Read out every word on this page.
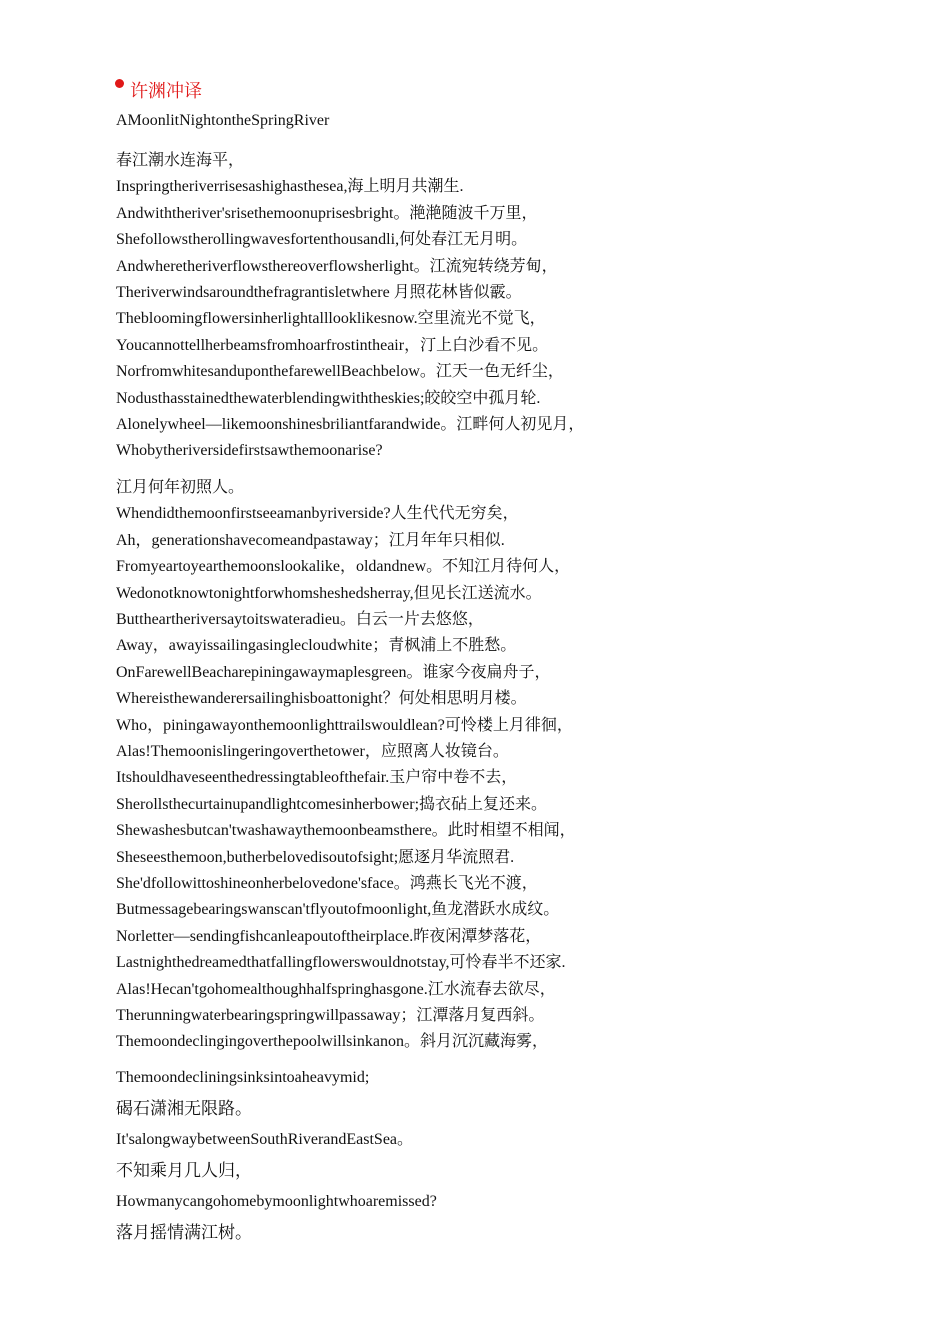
许渊冲译
AMoonlitNightontheSpringRiver
春江潮水连海平，
Inspringtheriverrisesashighasthesea,海上明月共潮生.
Andwiththeriver'srisethemoonuprisesbright。滟滟随波千万里，
Shefollowstherollingwavesfortenthousandli,何处春江无月明。
Andwheretheriverflowsthereoverflowsherlight。江流宛转绕芳甸，
Theriverwindsaroundthefragrantisletwhere 月照花林皆似霰。
Thebloomingflowersinherlightalllooklikesnow.空里流光不觉飞，
Youcannottellherbeamsfromhoarfrostintheair，汀上白沙看不见。
NorfromwhitesanduponthefarewellBeachbelow。江天一色无纤尘，
Nodusthasstainedthewaterblendingwiththeskies;皎皎空中孤月轮.
Alonelywheel—likemoonshinesbriliantfarandwide。江畔何人初见月，
Whobytheriversidefirstsawthemoonarise?
江月何年初照人。
Whendidthemoonfirstseeamanbyriverside?人生代代无穷矣，
Ah，generationshavecomeandpastaway；江月年年只相似.
Fromyeartoyearthemoonslookalike，oldandnew。不知江月待何人，
Wedonotknowtonightforwhomsheshedsherray,但见长江送流水。
Buttheartheriversaytoitswateradieu。白云一片去悠悠，
Away，awayissailingasinglecloudwhite；青枫浦上不胜愁。
OnFarewellBeacharepiningawaymaplesgreen。谁家今夜扁舟子，
Whereisthewanderersailinghisboattonight？何处相思明月楼。
Who，piningawayonthemoonlighttrailswouldlean?可怜楼上月徘徊，
Alas!Themoonislingeringoverthetower，应照离人妆镜台。
Itshouldhaveseenthedressingtableofthefair.玉户帘中卷不去，
Sherollsthecurtainupandlightcomesinherbower;捣衣砧上复还来。
Shewashesbutcan'twashawaythemoonbeamsthere。此时相望不相闻，
Sheseesthemoon,butherbelovedisoutofsight;愿逐月华流照君.
She'dfollowittoshineonherbelovedone'sface。鸿燕长飞光不渡，
Butmessagebearingswanscan'tflyoutofmoonlight,鱼龙潜跃水成纹。
Norletter—sendingfishcanleapoutoftheirplace.昨夜闲潭梦落花，
Lastnighthedreamedthatfallingflowerswouldnotstay,可怜春半不还家.
Alas!Hecan'tgohomealthoughhalfspringhasgone.江水流春去欲尽，
Therunningwaterbearingspringwillpassaway；江潭落月复西斜。
Themoondeclingingoverthepoolwillsinkanon。斜月沉沉藏海雾，
Themoondecliningsinksintoaheavymid;
碣石潇湘无限路。
It'salongwaybetweenSouthRiverandEastSea。
不知乘月几人归，
Howmanycangohomebymoonlightwhoaremissed?
落月摇情满江树。
